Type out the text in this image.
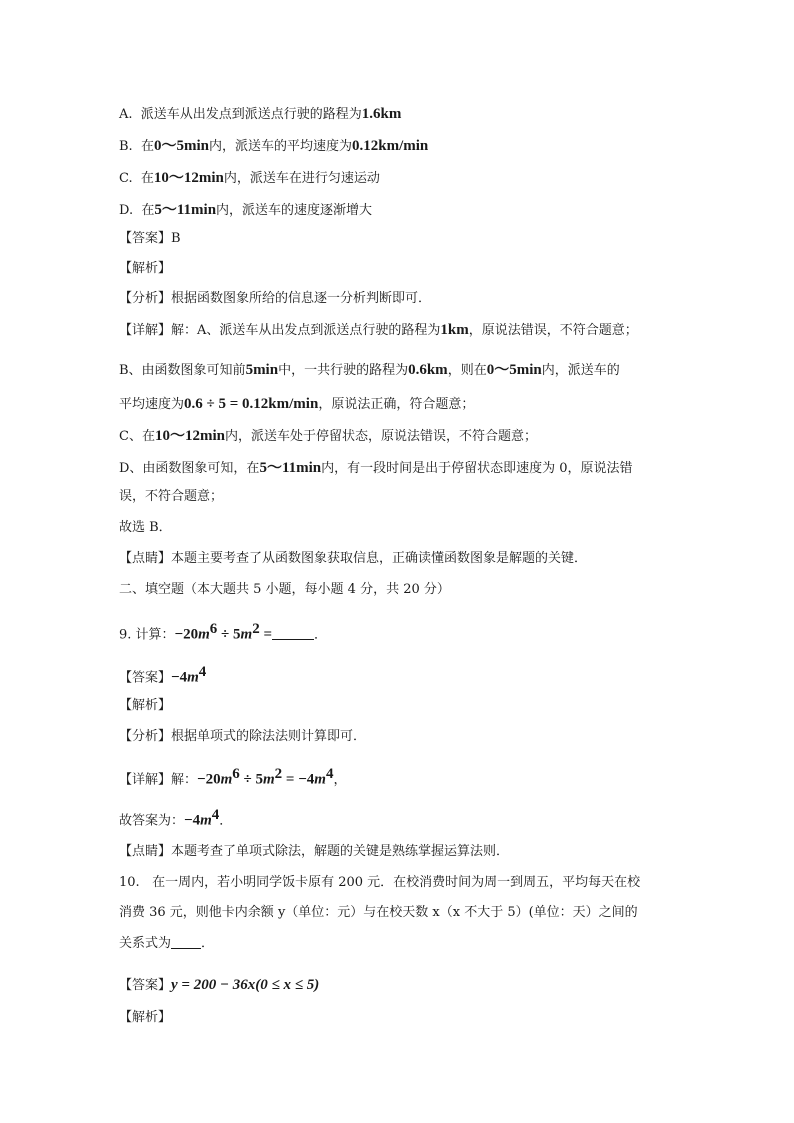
A.  派送车从出发点到派送点行驶的路程为1.6km
B.  在0～5min内，派送车的平均速度为0.12km/min
C.  在10～12min内，派送车在进行匀速运动
D.  在5～11min内，派送车的速度逐渐增大
【答案】B
【解析】
【分析】根据函数图象所给的信息逐一分析判断即可．
【详解】解：A、派送车从出发点到派送点行驶的路程为1km，原说法错误，不符合题意；
B、由函数图象可知前5min中，一共行驶的路程为0.6km，则在0～5min内，派送车的
平均速度为0.6 ÷ 5 = 0.12km/min，原说法正确，符合题意；
C、在10～12min内，派送车处于停留状态，原说法错误，不符合题意；
D、由函数图象可知，在5～11min内，有一段时间是出于停留状态即速度为 0，原说法错
误，不符合题意；
故选 B．
【点睛】本题主要考查了从函数图象获取信息，正确读懂函数图象是解题的关键．
二、填空题（本大题共 5 小题，每小题 4 分，共 20 分）
9. 计算：$-20m^6 \div 5m^2$ =	．
【答案】$-4m^4$
【解析】
【分析】根据单项式的除法法则计算即可．
【详解】解：$-20m^6 \div 5m^2 = -4m^4$，
故答案为：$-4m^4$．
【点睛】本题考查了单项式除法，解题的关键是熟练掌握运算法则．
10.   在一周内，若小明同学饭卡原有 200 元．在校消费时间为周一到周五，平均每天在校
消费 36 元，则他卡内余额 y（单位：元）与在校天数 x（x 不大于 5）(单位：天）之间的
关系式为 ．
【答案】y = 200 − 36x(0 ≤ x ≤ 5)
【解析】
